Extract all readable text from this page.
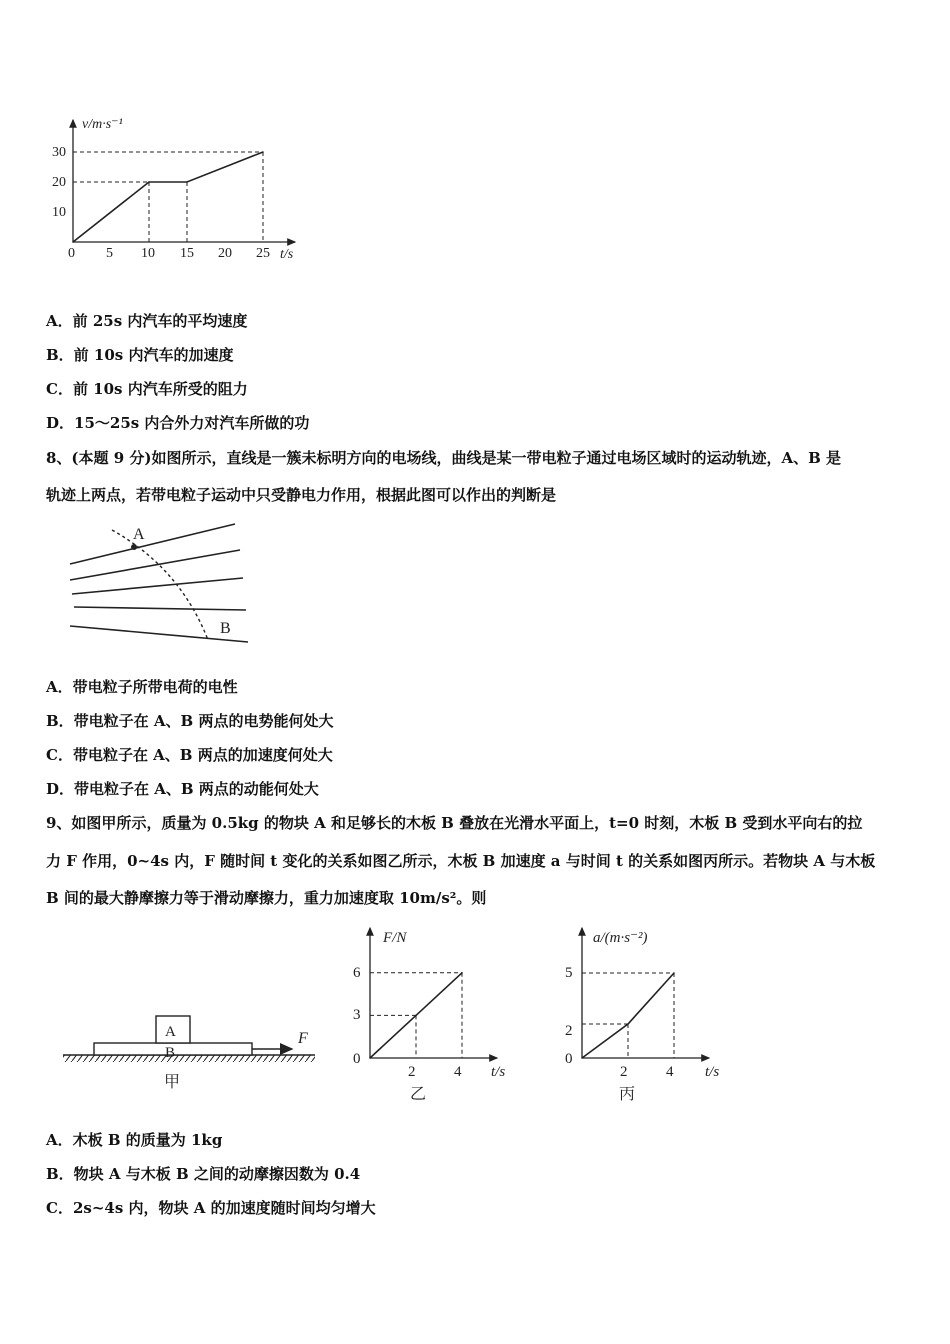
v/m·s⁻¹
t/s
30
20
10
0 5 10 15 20 25
A．前 25s 内汽车的平均速度
B．前 10s 内汽车的加速度
C．前 10s 内汽车所受的阻力
D．15～25s 内合外力对汽车所做的功
8、(本题 9 分)如图所示，直线是一簇未标明方向的电场线，曲线是某一带电粒子通过电场区域时的运动轨迹，A、B 是
轨迹上两点，若带电粒子运动中只受静电力作用，根据此图可以作出的判断是
A
B
A．带电粒子所带电荷的电性
B．带电粒子在 A、B 两点的电势能何处大
C．带电粒子在 A、B 两点的加速度何处大
D．带电粒子在 A、B 两点的动能何处大
9、如图甲所示，质量为 0.5kg 的物块 A 和足够长的木板 B 叠放在光滑水平面上，t=0 时刻，木板 B 受到水平向右的拉
力 F 作用，0~4s 内，F 随时间 t 变化的关系如图乙所示，木板 B 加速度 a 与时间 t 的关系如图丙所示。若物块 A 与木板
B 间的最大静摩擦力等于滑动摩擦力，重力加速度取 10m/s²。则
A
B
F
甲
F/N
t/s
6
3
0
2	4
乙
a/(m·s⁻²)
t/s
5
2
0
2	4
丙
A．木板 B 的质量为 1kg
B．物块 A 与木板 B 之间的动摩擦因数为 0.4
C．2s~4s 内，物块 A 的加速度随时间均匀增大
